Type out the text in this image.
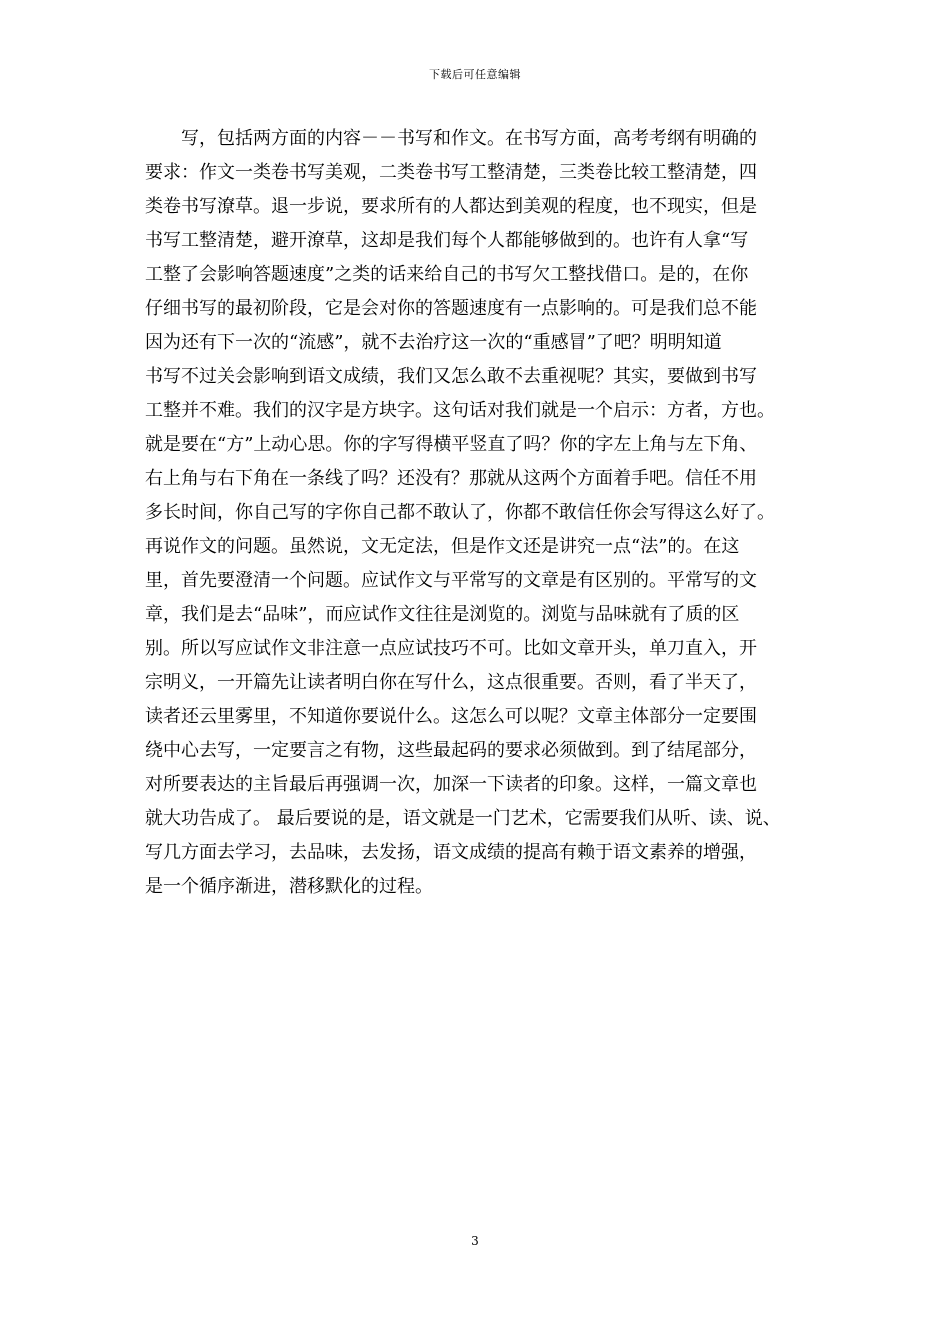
下载后可任意编辑
写，包括两方面的内容－－书写和作文。在书写方面，高考考纲有明确的
要求：作文一类卷书写美观，二类卷书写工整清楚，三类卷比较工整清楚，四
类卷书写潦草。退一步说，要求所有的人都达到美观的程度，也不现实，但是
书写工整清楚，避开潦草，这却是我们每个人都能够做到的。也许有人拿“写
工整了会影响答题速度”之类的话来给自己的书写欠工整找借口。是的，在你
仔细书写的最初阶段，它是会对你的答题速度有一点影响的。可是我们总不能
因为还有下一次的“流感”，就不去治疗这一次的“重感冒”了吧？明明知道
书写不过关会影响到语文成绩，我们又怎么敢不去重视呢？其实，要做到书写
工整并不难。我们的汉字是方块字。这句话对我们就是一个启示：方者，方也。
就是要在“方”上动心思。你的字写得横平竖直了吗？你的字左上角与左下角、
右上角与右下角在一条线了吗？还没有？那就从这两个方面着手吧。信任不用
多长时间，你自己写的字你自己都不敢认了，你都不敢信任你会写得这么好了。
再说作文的问题。虽然说，文无定法，但是作文还是讲究一点“法”的。在这
里，首先要澄清一个问题。应试作文与平常写的文章是有区别的。平常写的文
章，我们是去“品味”，而应试作文往往是浏览的。浏览与品味就有了质的区
别。所以写应试作文非注意一点应试技巧不可。比如文章开头，单刀直入，开
宗明义，一开篇先让读者明白你在写什么，这点很重要。否则，看了半天了，
读者还云里雾里，不知道你要说什么。这怎么可以呢？文章主体部分一定要围
绕中心去写，一定要言之有物，这些最起码的要求必须做到。到了结尾部分，
对所要表达的主旨最后再强调一次，加深一下读者的印象。这样，一篇文章也
就大功告成了。 最后要说的是，语文就是一门艺术，它需要我们从听、读、说、
写几方面去学习，去品味，去发扬，语文成绩的提高有赖于语文素养的增强，
是一个循序渐进，潜移默化的过程。
3
